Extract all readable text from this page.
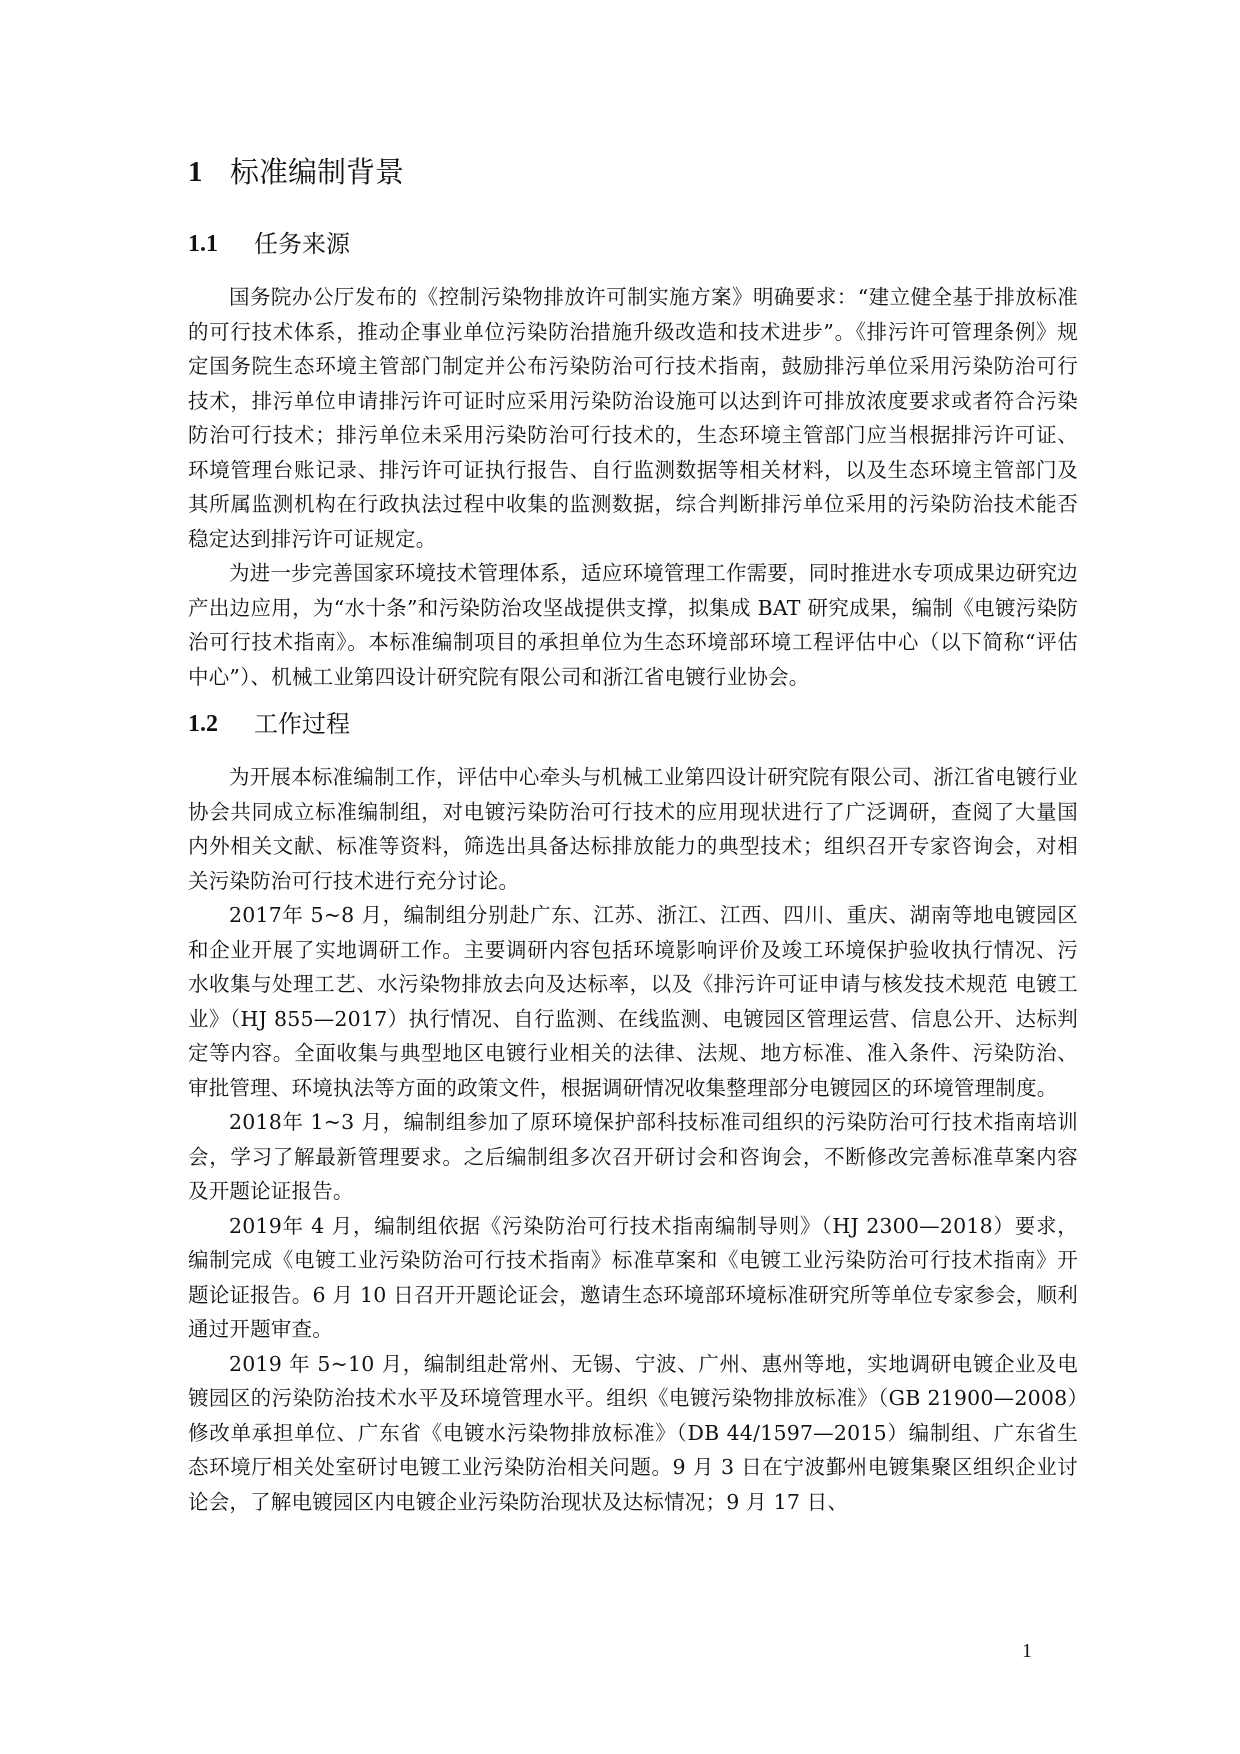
1 标准编制背景
1.1	任务来源

国务院办公厅发布的《控制污染物排放许可制实施方案》明确要求：“建立健全基于排放标准的可行技术体系，推动企事业单位污染防治措施升级改造和技术进步”。《排污许可管理条例》规定国务院生态环境主管部门制定并公布污染防治可行技术指南，鼓励排污单位采用污染防治可行技术，排污单位申请排污许可证时应采用污染防治设施可以达到许可排放浓度要求或者符合污染防治可行技术；排污单位未采用污染防治可行技术的，生态环境主管部门应当根据排污许可证、环境管理台账记录、排污许可证执行报告、自行监测数据等相关材料，以及生态环境主管部门及其所属监测机构在行政执法过程中收集的监测数据，综合判断排污单位采用的污染防治技术能否稳定达到排污许可证规定。

为进一步完善国家环境技术管理体系，适应环境管理工作需要，同时推进水专项成果边研究边产出边应用，为“水十条”和污染防治攻坚战提供支撑，拟集成 BAT 研究成果，编制《电镀污染防治可行技术指南》。本标准编制项目的承担单位为生态环境部环境工程评估中心（以下简称“评估中心”）、机械工业第四设计研究院有限公司和浙江省电镀行业协会。

1.2	工作过程

为开展本标准编制工作，评估中心牵头与机械工业第四设计研究院有限公司、浙江省电镀行业协会共同成立标准编制组，对电镀污染防治可行技术的应用现状进行了广泛调研，查阅了大量国内外相关文献、标准等资料，筛选出具备达标排放能力的典型技术；组织召开专家咨询会，对相关污染防治可行技术进行充分讨论。

2017年 5~8 月，编制组分别赴广东、江苏、浙江、江西、四川、重庆、湖南等地电镀园区和企业开展了实地调研工作。主要调研内容包括环境影响评价及竣工环境保护验收执行情况、污水收集与处理工艺、水污染物排放去向及达标率，以及《排污许可证申请与核发技术规范 电镀工业》（HJ 855—2017）执行情况、自行监测、在线监测、电镀园区管理运营、信息公开、达标判定等内容。全面收集与典型地区电镀行业相关的法律、法规、地方标准、准入条件、污染防治、审批管理、环境执法等方面的政策文件，根据调研情况收集整理部分电镀园区的环境管理制度。

2018年 1~3 月，编制组参加了原环境保护部科技标准司组织的污染防治可行技术指南培训会，学习了解最新管理要求。之后编制组多次召开研讨会和咨询会，不断修改完善标准草案内容及开题论证报告。

2019年 4 月，编制组依据《污染防治可行技术指南编制导则》（HJ 2300—2018）要求，编制完成《电镀工业污染防治可行技术指南》标准草案和《电镀工业污染防治可行技术指南》开题论证报告。6 月 10 日召开开题论证会，邀请生态环境部环境标准研究所等单位专家参会，顺利通过开题审查。

2019 年 5~10 月，编制组赴常州、无锡、宁波、广州、惠州等地，实地调研电镀企业及电镀园区的污染防治技术水平及环境管理水平。组织《电镀污染物排放标准》（GB 21900—2008）修改单承担单位、广东省《电镀水污染物排放标准》（DB 44/1597—2015）编制组、广东省生态环境厅相关处室研讨电镀工业污染防治相关问题。9 月 3 日在宁波鄞州电镀集聚区组织企业讨论会，了解电镀园区内电镀企业污染防治现状及达标情况；9 月 17 日、

1
